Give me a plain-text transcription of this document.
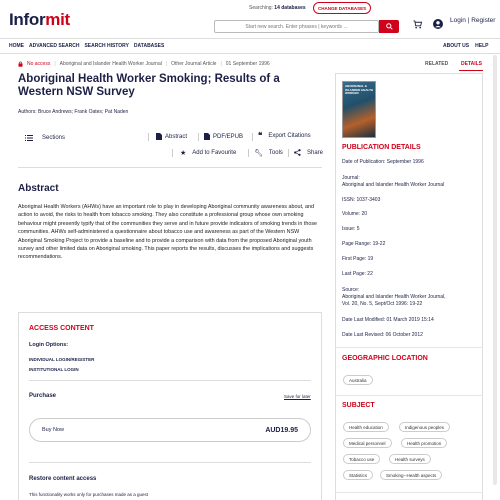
Informit
Searching: 14 databases	CHANGE DATABASES
Start new search. Enter phrases | keywords ...
Login | Register
HOME ADVANCED SEARCH SEARCH HISTORY DATABASES	ABOUT US HELP
No access | Aboriginal and Islander Health Worker Journal | Other Journal Article | 01 September 1996
Aboriginal Health Worker Smoking; Results of a Western NSW Survey
Authors: Bruce Andrews; Frank Oates; Pat Naden
Sections	Abstract	PDF/EPUB ❝ Export Citations
★ Add to Favourite	🔧︎ Tools	Share
Abstract
Aboriginal Health Workers (AHWs) have an important role to play in developing Aboriginal community awareness about, and action to avoid, the risks to health from tobacco smoking. They also constitute a professional group whose own smoking behaviour might presently typify that of the communities they serve and in future provide indicators of smoking trends in those communities. AHWs self-administered a questionnaire about tobacco use and awareness as part of the Western NSW Aboriginal Smoking Project to provide a baseline and to provide a comparison with data from the proposed Aboriginal youth survey and other limited data on Aboriginal smoking. This paper reports the results, discusses the implications and suggests recommendations.
ACCESS CONTENT
Login Options:
INDIVIDUAL LOGIN/REGISTER
INSTITUTIONAL LOGIN
Purchase	Save for later
Buy Now	AUD19.95
Restore content access
This functionality works only for purchases made as a guest
RELATED	DETAILS
ABORIGINAL & ISLANDER HEALTH WORKER
PUBLICATION DETAILS
Date of Publication: September 1996
Journal:
Aboriginal and Islander Health Worker Journal
ISSN: 1037-3403
Volume: 20
Issue: 5
Page Range: 19-22
First Page: 19
Last Page: 22
Source:
Aboriginal and Islander Health Worker Journal,
Vol. 20, No. 5, Sept/Oct 1996: 19-22
Date Last Modified: 01 March 2019 15:14
Date Last Revised: 06 October 2012
GEOGRAPHIC LOCATION
Australia
SUBJECT
Health education	Indigenous peoples
Medical personnel	Health promotion
Tobacco use	Health surveys
Statistics	Smoking--Health aspects
